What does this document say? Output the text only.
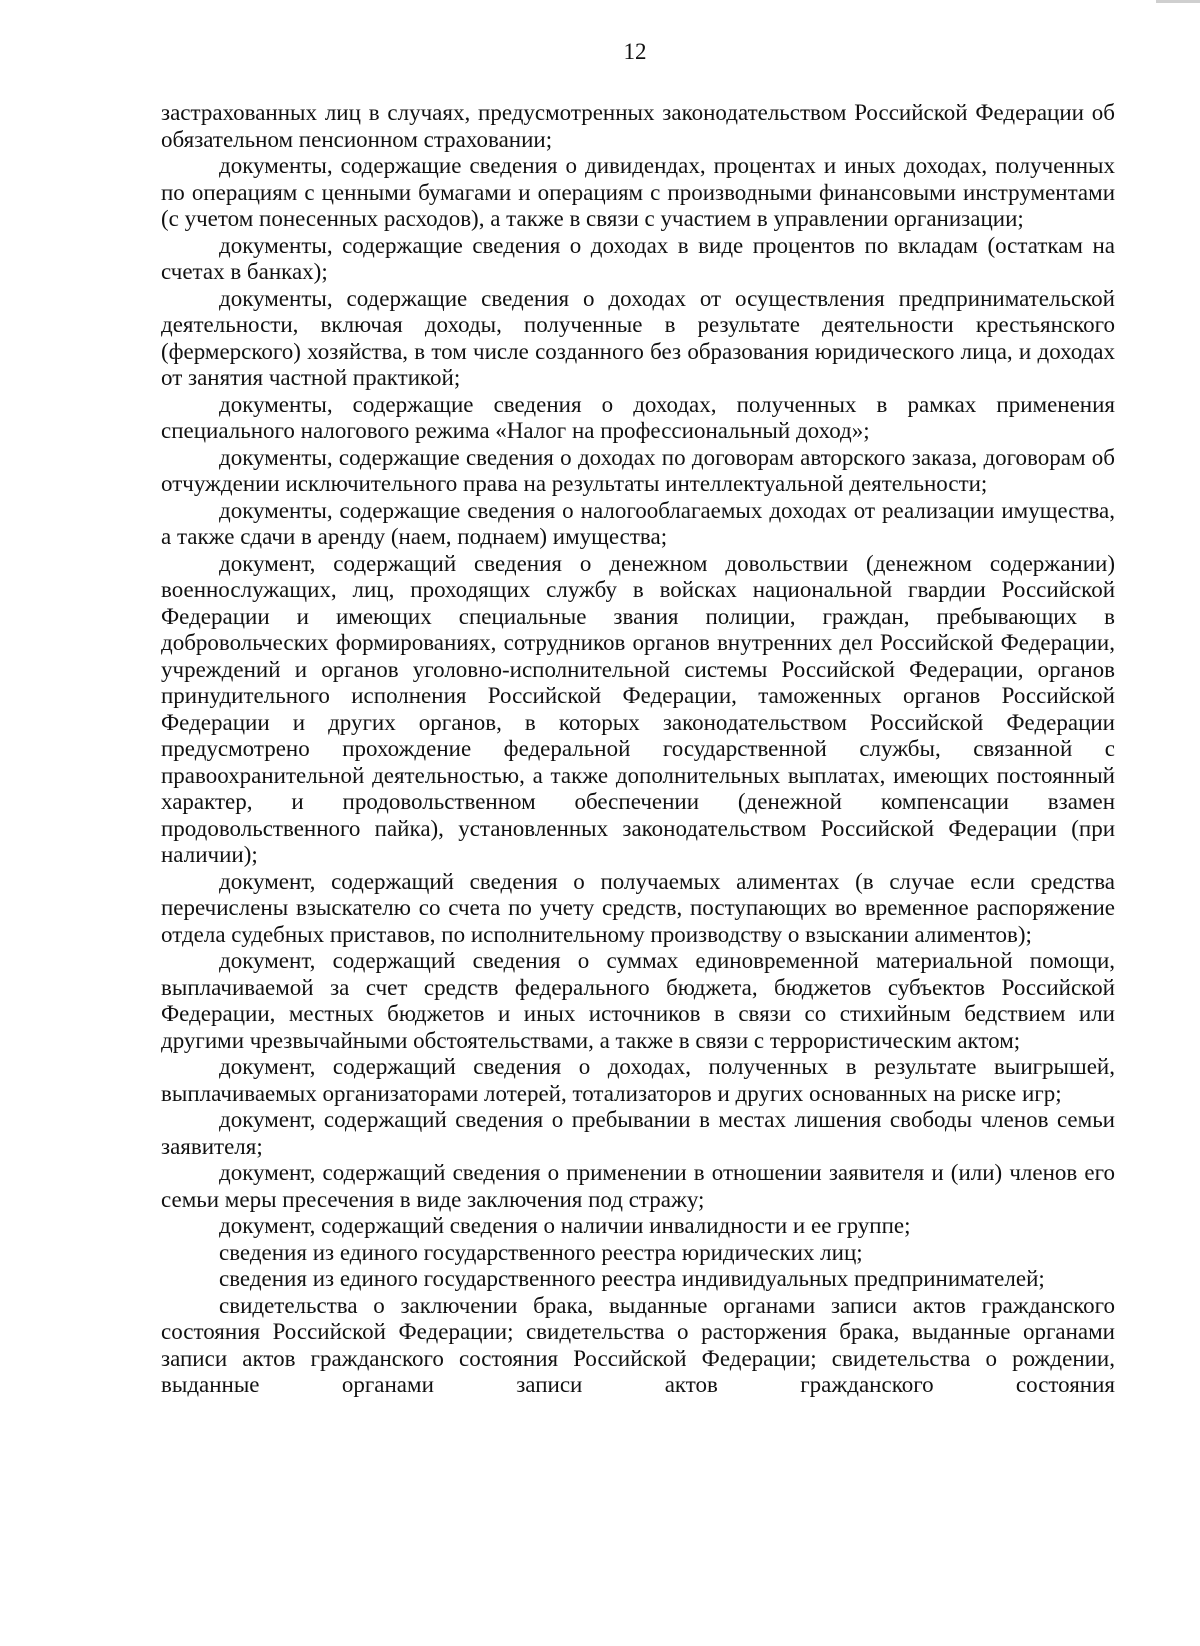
12

застрахованных лиц в случаях, предусмотренных законодательством Российской Федерации об обязательном пенсионном страховании;

документы, содержащие сведения о дивидендах, процентах и иных доходах, полученных по операциям с ценными бумагами и операциям с производными финансовыми инструментами (с учетом понесенных расходов), а также в связи с участием в управлении организации;

документы, содержащие сведения о доходах в виде процентов по вкладам (остаткам на счетах в банках);

документы, содержащие сведения о доходах от осуществления предпринимательской деятельности, включая доходы, полученные в результате деятельности крестьянского (фермерского) хозяйства, в том числе созданного без образования юридического лица, и доходах от занятия частной практикой;

документы, содержащие сведения о доходах, полученных в рамках применения специального налогового режима «Налог на профессиональный доход»;

документы, содержащие сведения о доходах по договорам авторского заказа, договорам об отчуждении исключительного права на результаты интеллектуальной деятельности;

документы, содержащие сведения о налогооблагаемых доходах от реализации имущества, а также сдачи в аренду (наем, поднаем) имущества;

документ, содержащий сведения о денежном довольствии (денежном содержании) военнослужащих, лиц, проходящих службу в войсках национальной гвардии Российской Федерации и имеющих специальные звания полиции, граждан, пребывающих в добровольческих формированиях, сотрудников органов внутренних дел Российской Федерации, учреждений и органов уголовно-исполнительной системы Российской Федерации, органов принудительного исполнения Российской Федерации, таможенных органов Российской Федерации и других органов, в которых законодательством Российской Федерации предусмотрено прохождение федеральной государственной службы, связанной с правоохранительной деятельностью, а также дополнительных выплатах, имеющих постоянный характер, и продовольственном обеспечении (денежной компенсации взамен продовольственного пайка), установленных законодательством Российской Федерации (при наличии);

документ, содержащий сведения о получаемых алиментах (в случае если средства перечислены взыскателю со счета по учету средств, поступающих во временное распоряжение отдела судебных приставов, по исполнительному производству о взыскании алиментов);

документ, содержащий сведения о суммах единовременной материальной помощи, выплачиваемой за счет средств федерального бюджета, бюджетов субъектов Российской Федерации, местных бюджетов и иных источников в связи со стихийным бедствием или другими чрезвычайными обстоятельствами, а также в связи с террористическим актом;

документ, содержащий сведения о доходах, полученных в результате выигрышей, выплачиваемых организаторами лотерей, тотализаторов и других основанных на риске игр;

документ, содержащий сведения о пребывании в местах лишения свободы членов семьи заявителя;

документ, содержащий сведения о применении в отношении заявителя и (или) членов его семьи меры пресечения в виде заключения под стражу;

документ, содержащий сведения о наличии инвалидности и ее группе;

сведения из единого государственного реестра юридических лиц;

сведения из единого государственного реестра индивидуальных предпринимателей;

свидетельства о заключении брака, выданные органами записи актов гражданского состояния Российской Федерации; свидетельства о расторжения брака, выданные органами записи актов гражданского состояния Российской Федерации; свидетельства о рождении, выданные органами записи актов гражданского состояния
